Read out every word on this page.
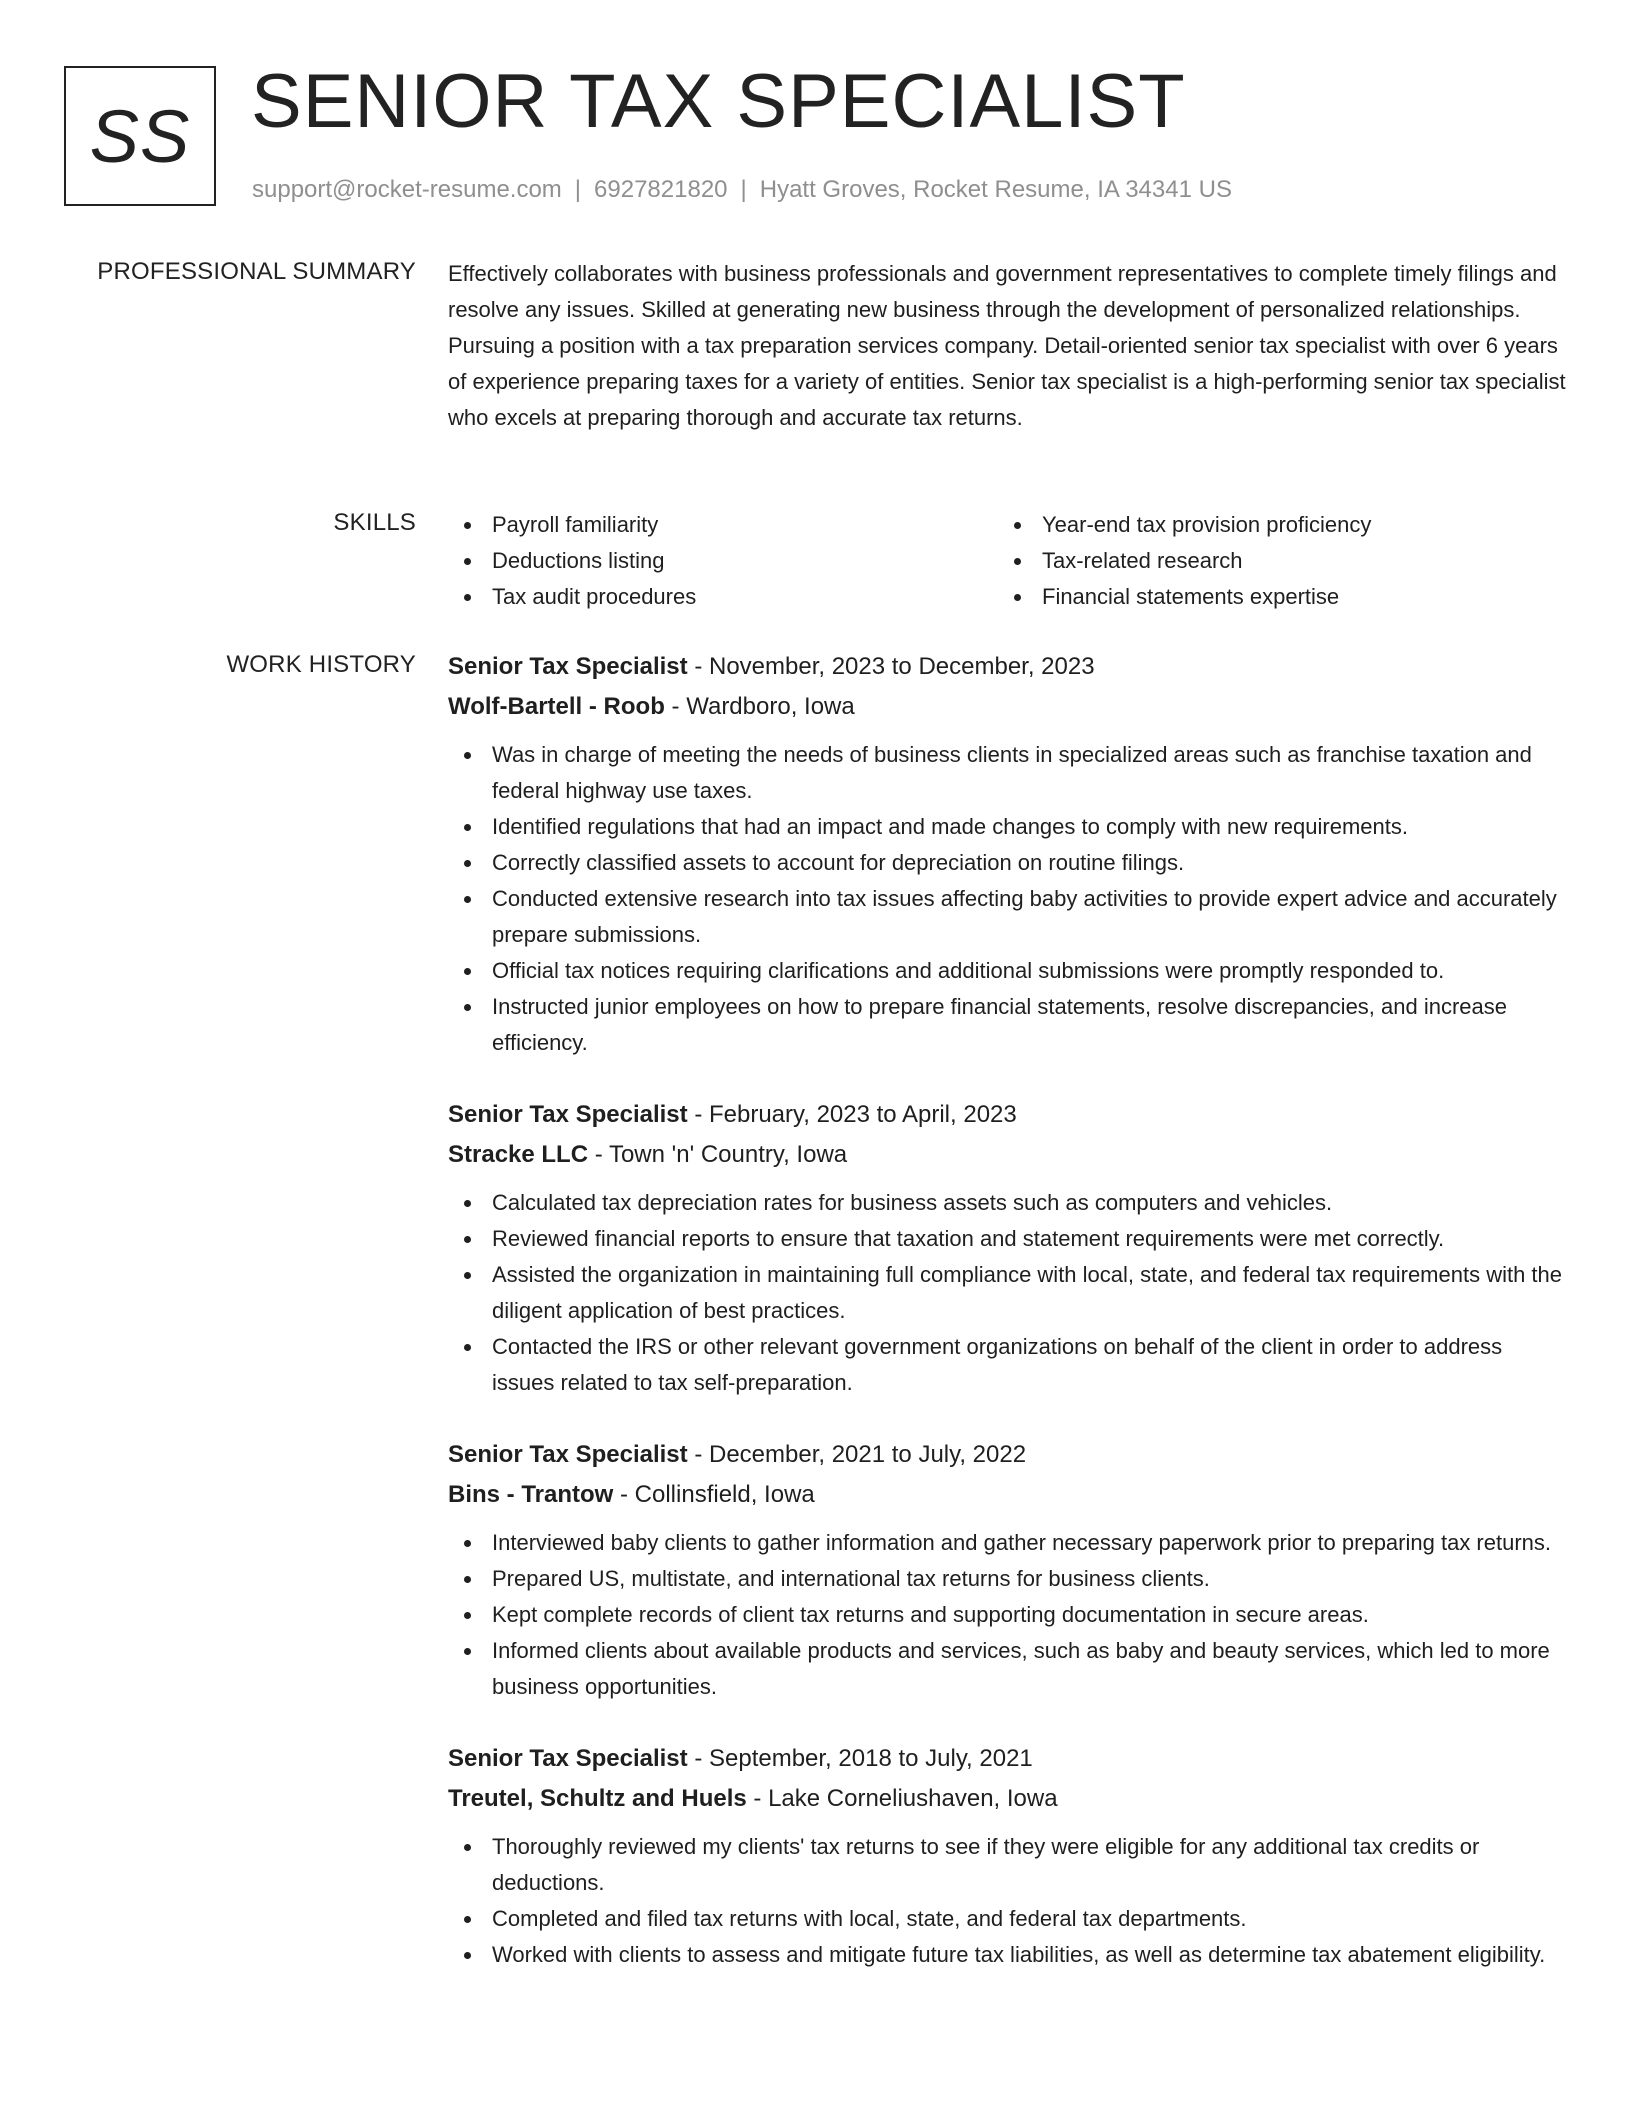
SS SENIOR TAX SPECIALIST
support@rocket-resume.com | 6927821820 | Hyatt Groves, Rocket Resume, IA 34341 US
PROFESSIONAL SUMMARY Effectively collaborates with business professionals and government representatives to complete timely filings and resolve any issues. Skilled at generating new business through the development of personalized relationships. Pursuing a position with a tax preparation services company. Detail-oriented senior tax specialist with over 6 years of experience preparing taxes for a variety of entities. Senior tax specialist is a high-performing senior tax specialist who excels at preparing thorough and accurate tax returns.

SKILLS	Payroll familiarity
Deductions listing
Tax audit procedures
Year-end tax provision proficiency
Tax-related research
Financial statements expertise
WORK HISTORY Senior Tax Specialist - November, 2023 to December, 2023
Wolf-Bartell - Roob - Wardboro, Iowa
Was in charge of meeting the needs of business clients in specialized areas such as franchise taxation and federal highway use taxes.
Identified regulations that had an impact and made changes to comply with new requirements.
Correctly classified assets to account for depreciation on routine filings.
Conducted extensive research into tax issues affecting baby activities to provide expert advice and accurately prepare submissions.
Official tax notices requiring clarifications and additional submissions were promptly responded to.
Instructed junior employees on how to prepare financial statements, resolve discrepancies, and increase efficiency.
Senior Tax Specialist - February, 2023 to April, 2023
Stracke LLC - Town 'n' Country, Iowa
Calculated tax depreciation rates for business assets such as computers and vehicles.
Reviewed financial reports to ensure that taxation and statement requirements were met correctly.
Assisted the organization in maintaining full compliance with local, state, and federal tax requirements with the diligent application of best practices.
Contacted the IRS or other relevant government organizations on behalf of the client in order to address issues related to tax self-preparation.
Senior Tax Specialist - December, 2021 to July, 2022
Bins - Trantow - Collinsfield, Iowa
Interviewed baby clients to gather information and gather necessary paperwork prior to preparing tax returns.
Prepared US, multistate, and international tax returns for business clients.
Kept complete records of client tax returns and supporting documentation in secure areas.
Informed clients about available products and services, such as baby and beauty services, which led to more business opportunities.
Senior Tax Specialist - September, 2018 to July, 2021
Treutel, Schultz and Huels - Lake Corneliushaven, Iowa
Thoroughly reviewed my clients' tax returns to see if they were eligible for any additional tax credits or deductions.
Completed and filed tax returns with local, state, and federal tax departments.
Worked with clients to assess and mitigate future tax liabilities, as well as determine tax abatement eligibility.
